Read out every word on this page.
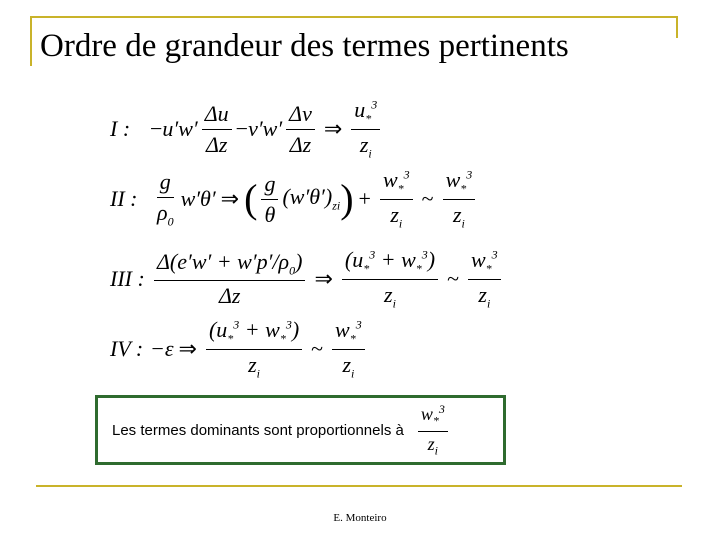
Ordre de grandeur des termes pertinents
I : − $u'w' \frac{\Delta u}{\Delta z} - v'w' \frac{\Delta v}{\Delta z}$ ⇒ $\frac{u_*^3}{z_i}$
II : $\frac{g}{\rho_0} w'\theta'$ ⇒ ( $\frac{g}{\theta} (w'\theta')_{zi}$ ) + $\frac{w_*^3}{z_i}$ ~ $\frac{w_*^3}{z_i}$
III : $\frac{\Delta(e'w' + w'p'/\rho_0)}{\Delta z}$ ⇒ $\frac{(u_*^3 + w_*^3)}{z_i}$ ~ $\frac{w_*^3}{z_i}$
IV : −ε ⇒ $\frac{(u_*^3 + w_*^3)}{z_i}$ ~ $\frac{w_*^3}{z_i}$
Les termes dominants sont proportionnels à $\frac{w_*^3}{z_i}$
E. Monteiro
